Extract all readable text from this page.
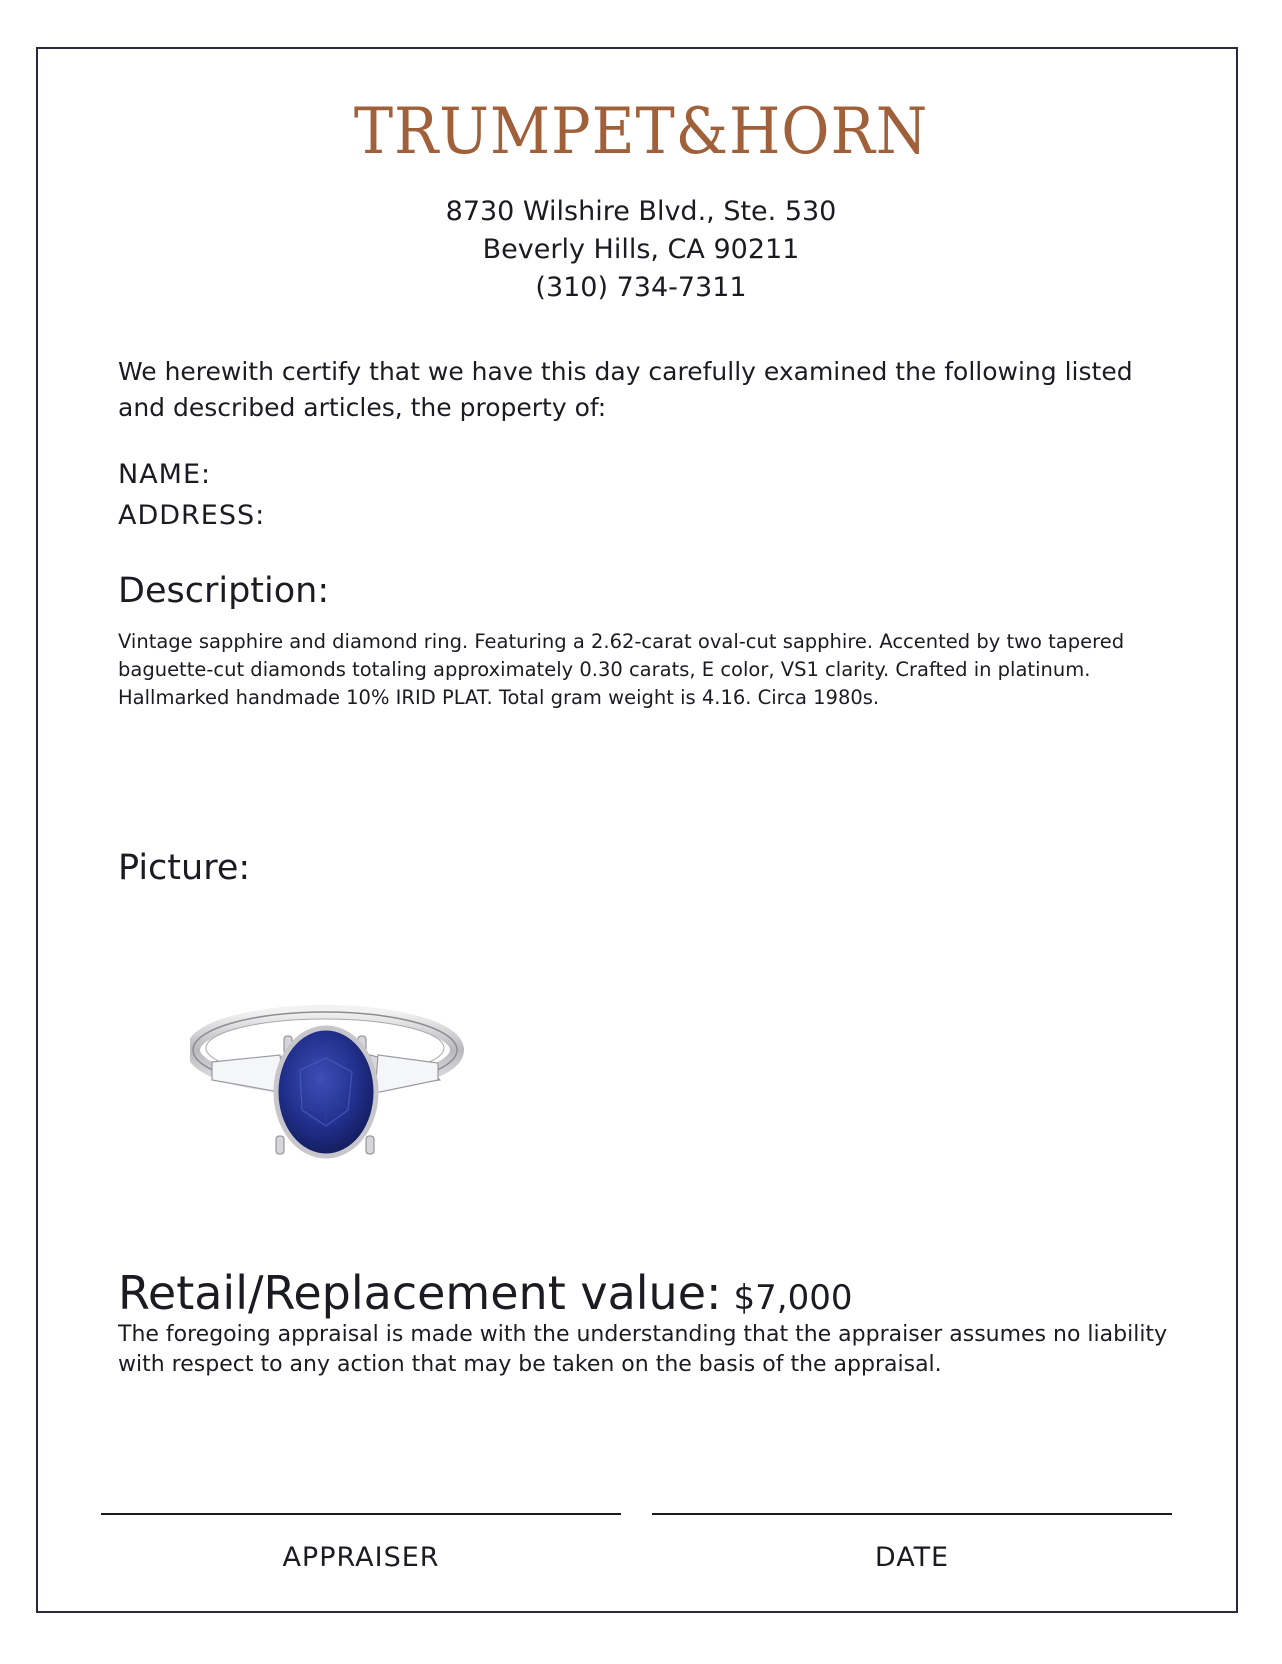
TRUMPET&HORN
8730 Wilshire Blvd., Ste. 530
Beverly Hills, CA 90211
(310) 734-7311
We herewith certify that we have this day carefully examined the following listed and described articles, the property of:
NAME:
ADDRESS:
Description:
Vintage sapphire and diamond ring. Featuring a 2.62-carat oval-cut sapphire. Accented by two tapered baguette-cut diamonds totaling approximately 0.30 carats, E color, VS1 clarity. Crafted in platinum. Hallmarked handmade 10% IRID PLAT. Total gram weight is 4.16. Circa 1980s.
Picture:
Retail/Replacement value: $7,000
The foregoing appraisal is made with the understanding that the appraiser assumes no liability with respect to any action that may be taken on the basis of the appraisal.
APPRAISER	DATE
